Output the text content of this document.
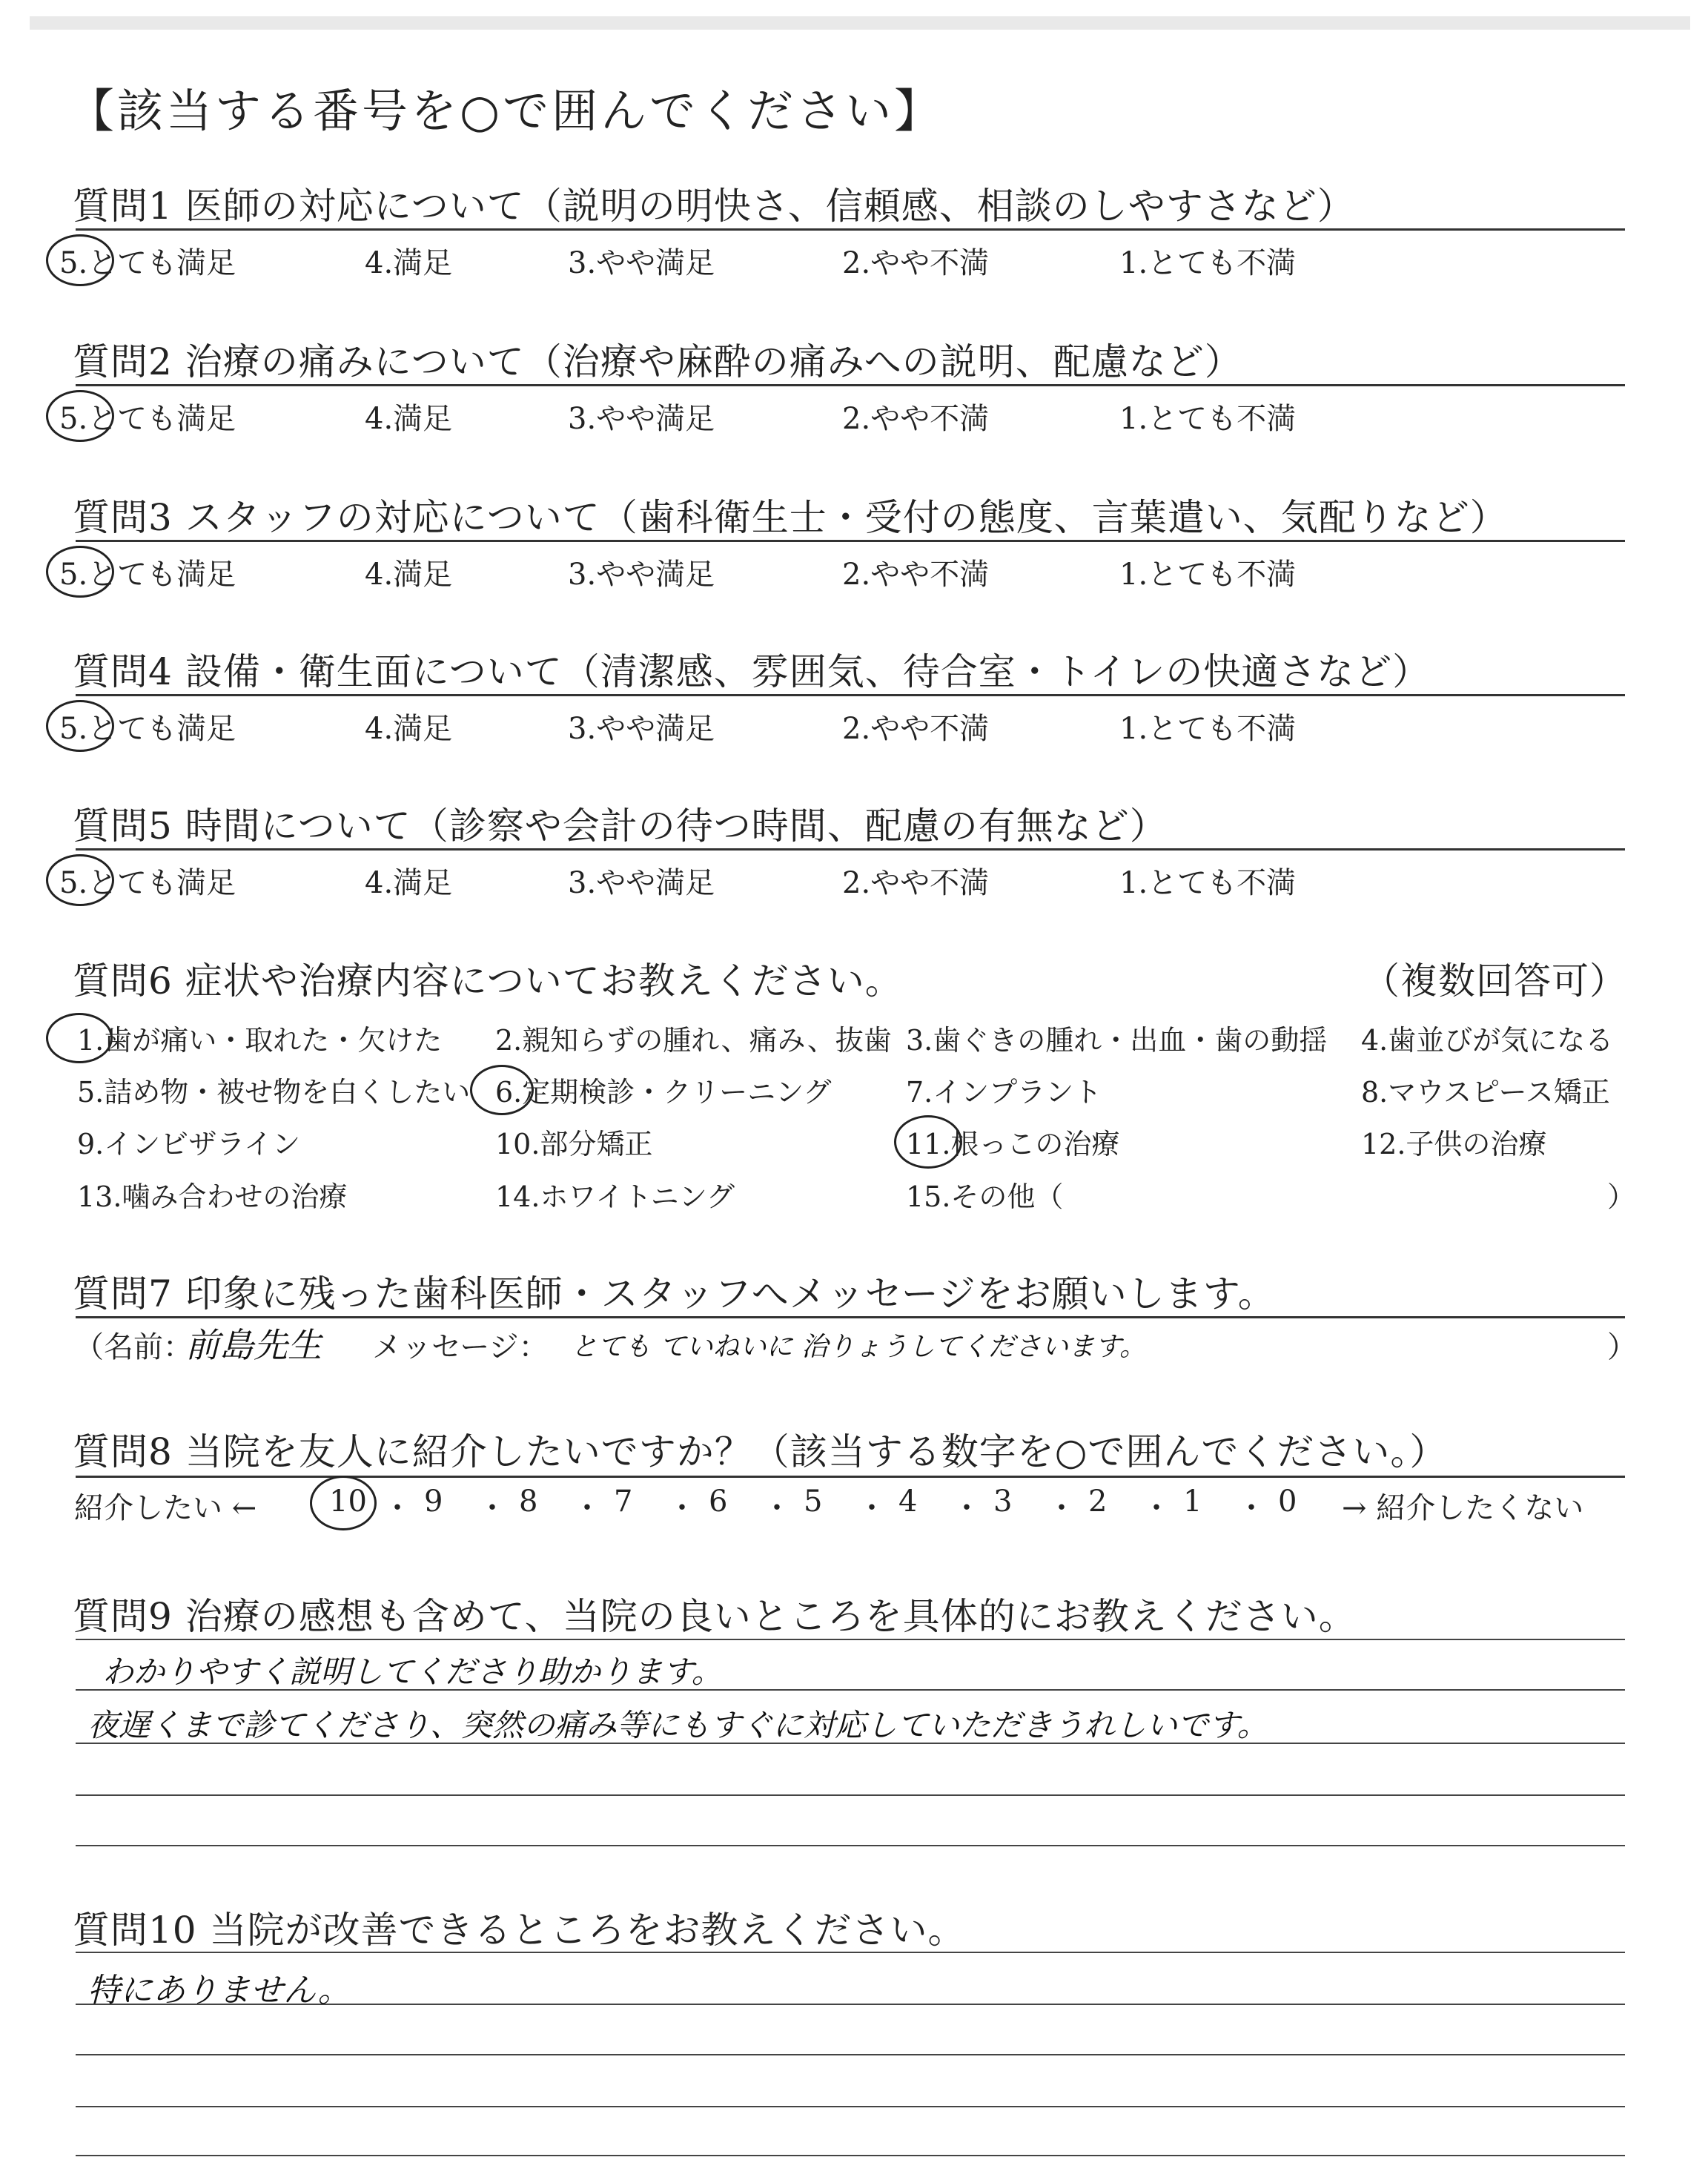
【該当する番号を○で囲んでください】
質問1 医師の対応について（説明の明快さ、信頼感、相談のしやすさなど）
5.とても満足	4.満足	3.やや満足	2.やや不満	1.とても不満
質問2 治療の痛みについて（治療や麻酔の痛みへの説明、配慮など）
5.とても満足	4.満足	3.やや満足	2.やや不満	1.とても不満
質問3 スタッフの対応について（歯科衛生士・受付の態度、言葉遣い、気配りなど）
5.とても満足	4.満足	3.やや満足	2.やや不満	1.とても不満
質問4 設備・衛生面について（清潔感、雰囲気、待合室・トイレの快適さなど）
5.とても満足	4.満足	3.やや満足	2.やや不満	1.とても不満
質問5 時間について（診察や会計の待つ時間、配慮の有無など）
5.とても満足	4.満足	3.やや満足	2.やや不満	1.とても不満
質問6 症状や治療内容についてお教えください。	（複数回答可）
1.歯が痛い・取れた・欠けた 2.親知らずの腫れ、痛み、抜歯 3.歯ぐきの腫れ・出血・歯の動揺 4.歯並びが気になる
5.詰め物・被せ物を白くしたい 6.定期検診・クリーニング	7.インプラント	8.マウスピース矯正
9.インビザライン	10.部分矯正	11.根っこの治療	12.子供の治療
13.噛み合わせの治療	14.ホワイトニング	15.その他（	）
質問7 印象に残った歯科医師・スタッフへメッセージをお願いします。
（名前：
前島先生 メッセージ： とても ていねいに 治りょうしてくださいます。	）
質問8 当院を友人に紹介したいですか？（該当する数字を○で囲んでください。）
紹介したい ← 10 ・ 9 ・ 8 ・ 7 ・ 6 ・ 5 ・ 4 ・ 3 ・ 2 ・ 1 ・ 0 → 紹介したくない
質問9 治療の感想も含めて、当院の良いところを具体的にお教えください。
わかりやすく説明してくださり助かります。
夜遅くまで診てくださり、突然の痛み等にもすぐに対応していただきうれしいです。
質問10 当院が改善できるところをお教えください。
特にありません。
